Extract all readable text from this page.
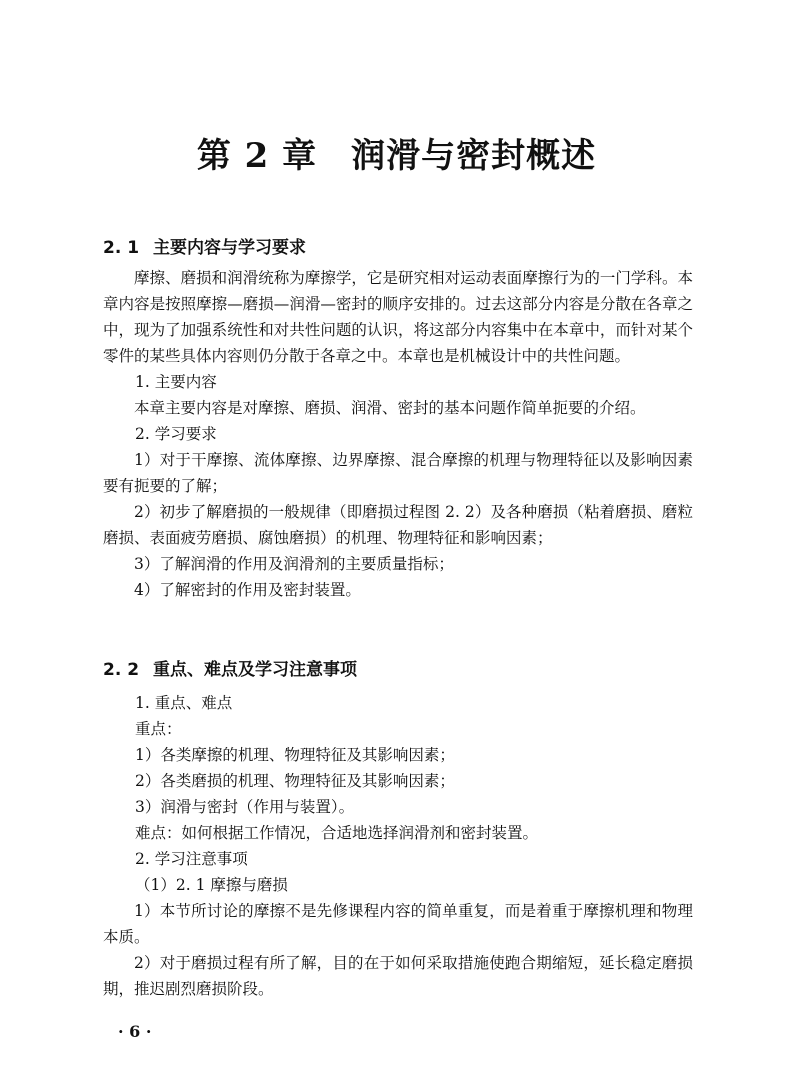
第 2 章 润滑与密封概述
2. 1 主要内容与学习要求

摩擦、磨损和润滑统称为摩擦学，它是研究相对运动表面摩擦行为的一门学科。本章内容是按照摩擦—磨损—润滑—密封的顺序安排的。过去这部分内容是分散在各章之中，现为了加强系统性和对共性问题的认识，将这部分内容集中在本章中，而针对某个零件的某些具体内容则仍分散于各章之中。本章也是机械设计中的共性问题。

1. 主要内容

本章主要内容是对摩擦、磨损、润滑、密封的基本问题作简单扼要的介绍。

2. 学习要求

1）对于干摩擦、流体摩擦、边界摩擦、混合摩擦的机理与物理特征以及影响因素要有扼要的了解；

2）初步了解磨损的一般规律（即磨损过程图 2. 2）及各种磨损（粘着磨损、磨粒磨损、表面疲劳磨损、腐蚀磨损）的机理、物理特征和影响因素；

3）了解润滑的作用及润滑剂的主要质量指标；

4）了解密封的作用及密封装置。

2. 2 重点、难点及学习注意事项

1. 重点、难点

重点：

1）各类摩擦的机理、物理特征及其影响因素；

2）各类磨损的机理、物理特征及其影响因素；

3）润滑与密封（作用与装置）。

难点：如何根据工作情况，合适地选择润滑剂和密封装置。

2. 学习注意事项

（1）2. 1 摩擦与磨损

1）本节所讨论的摩擦不是先修课程内容的简单重复，而是着重于摩擦机理和物理本质。

2）对于磨损过程有所了解，目的在于如何采取措施使跑合期缩短，延长稳定磨损期，推迟剧烈磨损阶段。

· 6 ·
